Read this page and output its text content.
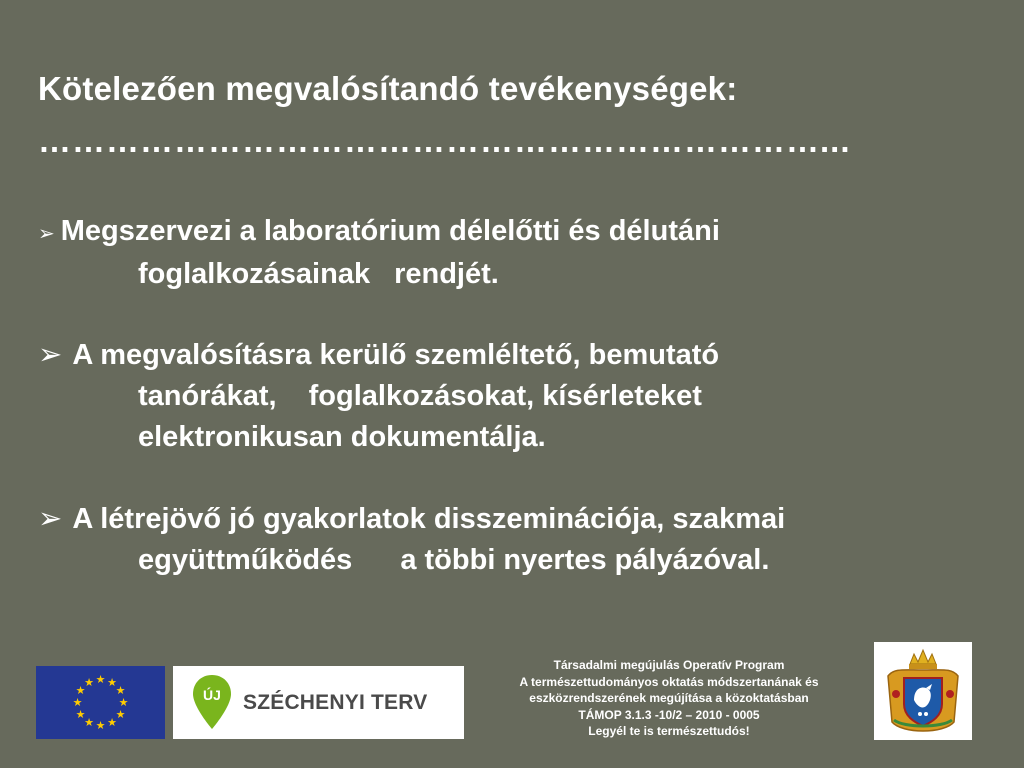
Kötelezően megvalósítandó tevékenységek:
……………………………………………………………...
➢ Megszervezi a laboratórium délelőtti és délutáni
foglalkozásainak rendjét.
➢ A megvalósításra kerülő szemléltető, bemutató
tanórákat, foglalkozásokat, kísérleteket
elektronikusan dokumentálja.
➢ A létrejövő jó gyakorlatok disszeminációja, szakmai
együttműködés a többi nyertes pályázóval.
★ ★
★
★
★
★
★
★
★
★
★
★
ÚJ SZÉCHENYI TERV
Társadalmi megújulás Operatív Program
A természettudományos oktatás módszertanának és
eszközrendszerének megújítása a közoktatásban
TÁMOP 3.1.3 -10/2 – 2010 - 0005
Legyél te is természettudós!
